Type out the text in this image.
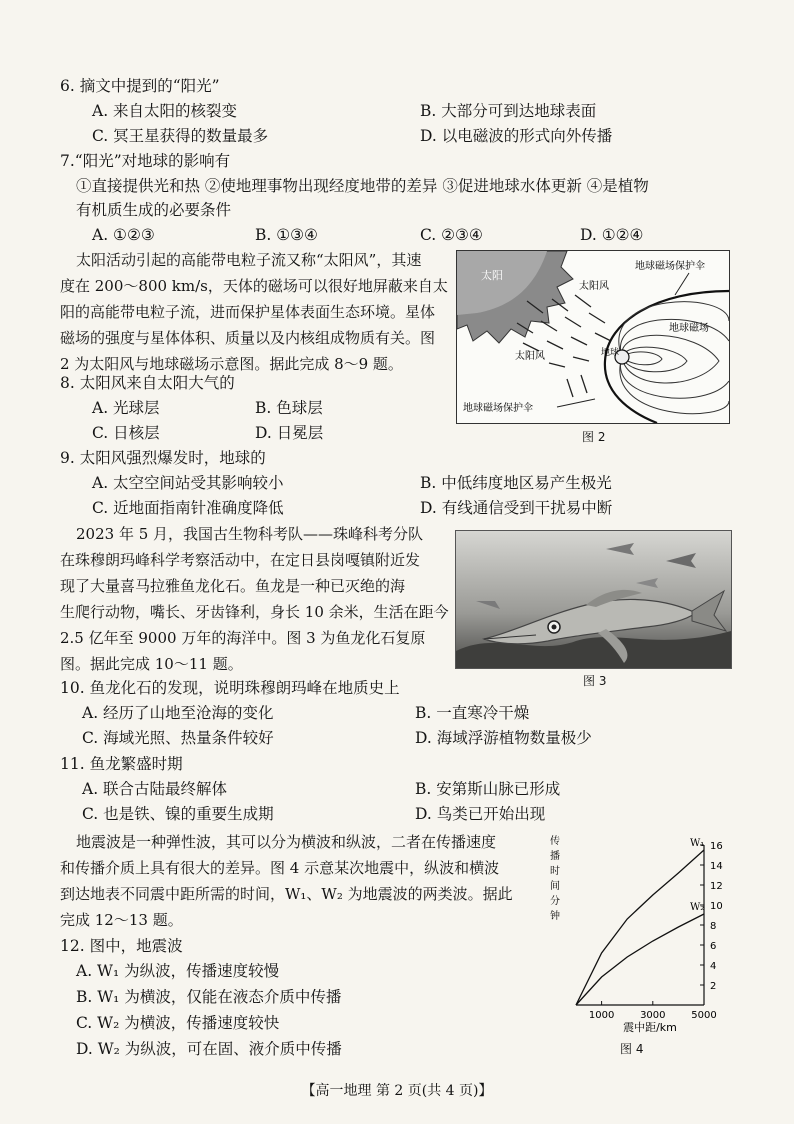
6. 摘文中提到的“阳光”
A. 来自太阳的核裂变	B. 大部分可到达地球表面
C. 冥王星获得的数量最多	D. 以电磁波的形式向外传播
7.“阳光”对地球的影响有
①直接提供光和热 ②使地理事物出现经度地带的差异 ③促进地球水体更新 ④是植物
有机质生成的必要条件
A. ①②③	B. ①③④	C. ②③④	D. ①②④
太阳活动引起的高能带电粒子流又称“太阳风”，其速
度在 200～800 km/s，天体的磁场可以很好地屏蔽来自太
阳的高能带电粒子流，进而保护星体表面生态环境。星体
磁场的强度与星体体积、质量以及内核组成物质有关。图
2 为太阳风与地球磁场示意图。据此完成 8～9 题。
太阳
地球磁场保护伞
太阳风
地球磁场
太阳风	地球
地球磁场保护伞
图 2
8. 太阳风来自太阳大气的
A. 光球层	B. 色球层
C. 日核层	D. 日冕层
9. 太阳风强烈爆发时，地球的
A. 太空空间站受其影响较小	B. 中低纬度地区易产生极光
C. 近地面指南针准确度降低	D. 有线通信受到干扰易中断
2023 年 5 月，我国古生物科考队——珠峰科考分队
在珠穆朗玛峰科学考察活动中，在定日县岗嘎镇附近发
现了大量喜马拉雅鱼龙化石。鱼龙是一种已灭绝的海
生爬行动物，嘴长、牙齿锋利，身长 10 余米，生活在距今
2.5 亿年至 9000 万年的海洋中。图 3 为鱼龙化石复原
图。据此完成 10～11 题。
图 3
10. 鱼龙化石的发现，说明珠穆朗玛峰在地质史上
A. 经历了山地至沧海的变化	B. 一直寒冷干燥
C. 海域光照、热量条件较好	D. 海域浮游植物数量极少
11. 鱼龙繁盛时期
A. 联合古陆最终解体	B. 安第斯山脉已形成
C. 也是铁、镍的重要生成期	D. 鸟类已开始出现
地震波是一种弹性波，其可以分为横波和纵波，二者在传播速度
和传播介质上具有很大的差异。图 4 示意某次地震中，纵波和横波
到达地表不同震中距所需的时间，W₁、W₂ 为地震波的两类波。据此
完成 12～13 题。
12. 图中，地震波
A. W₁ 为纵波，传播速度较慢
B. W₁ 为横波，仅能在液态介质中传播
C. W₂ 为横波，传播速度较快
D. W₂ 为纵波，可在固、液介质中传播
传
播
时
间
分
钟
2
4
6
8
10
12
14
16
1000	3000	5000
W₁
W₂
震中距/km
图 4
【高一地理 第 2 页(共 4 页)】
